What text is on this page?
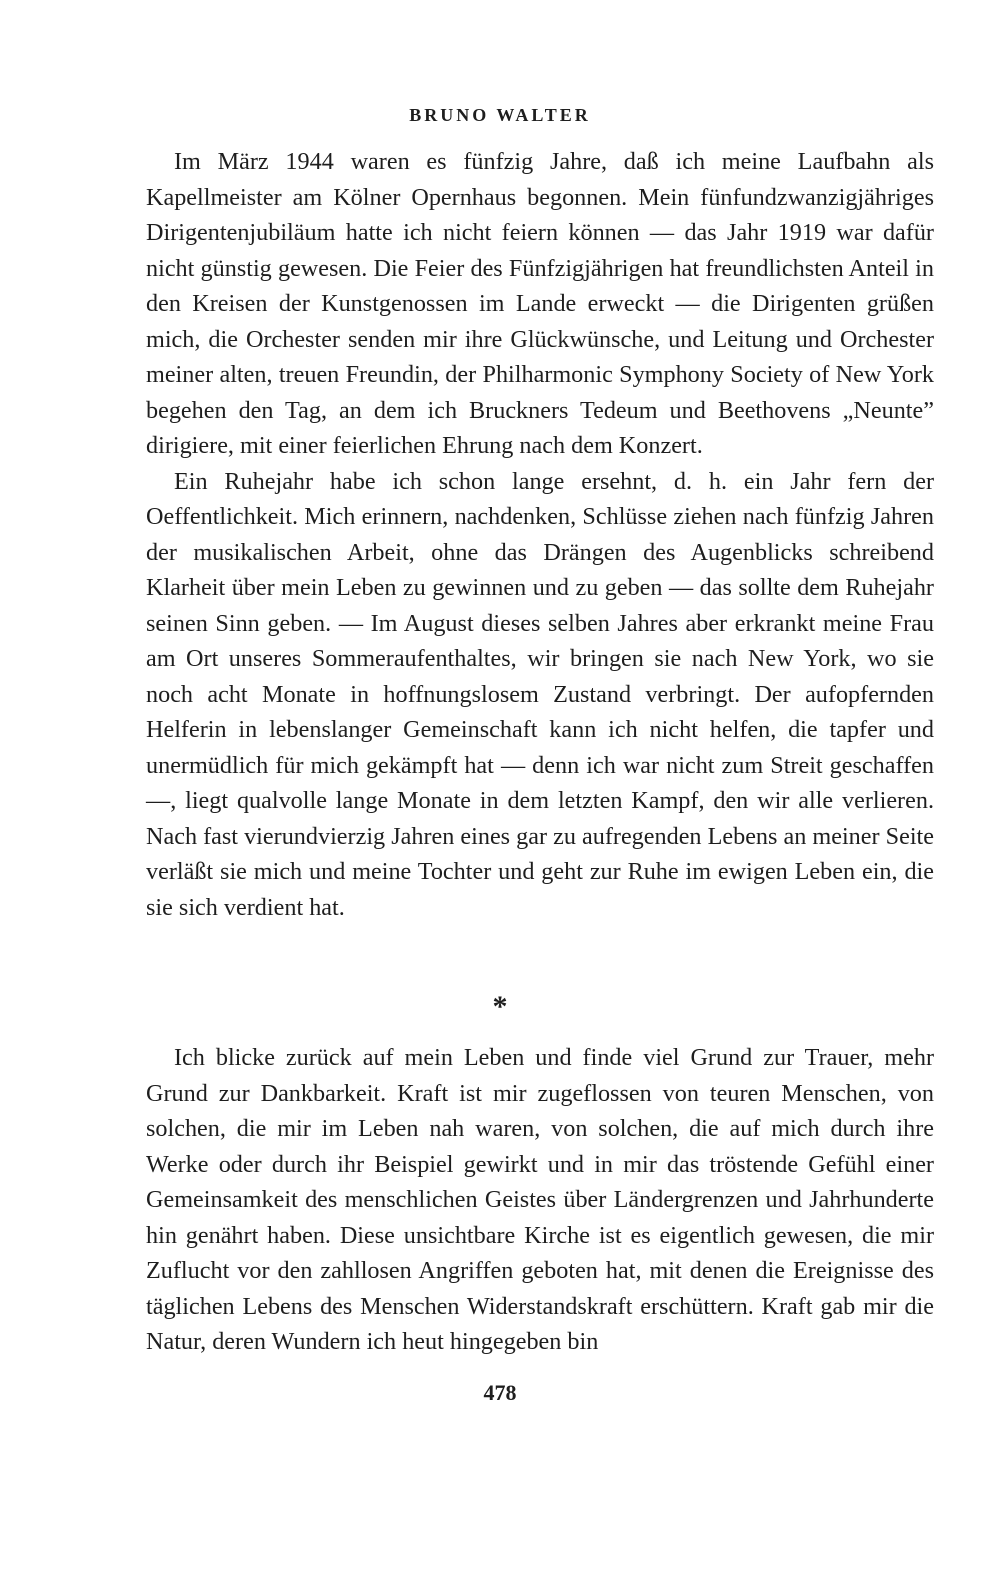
BRUNO WALTER

Im März 1944 waren es fünfzig Jahre, daß ich meine Laufbahn als Kapellmeister am Kölner Opernhaus begonnen. Mein fünfundzwanzigjähriges Dirigentenjubiläum hatte ich nicht feiern können — das Jahr 1919 war dafür nicht günstig gewesen. Die Feier des Fünfzigjährigen hat freundlichsten Anteil in den Kreisen der Kunstgenossen im Lande erweckt — die Dirigenten grüßen mich, die Orchester senden mir ihre Glückwünsche, und Leitung und Orchester meiner alten, treuen Freundin, der Philharmonic Symphony Society of New York begehen den Tag, an dem ich Bruckners Tedeum und Beethovens „Neunte” dirigiere, mit einer feierlichen Ehrung nach dem Konzert.

Ein Ruhejahr habe ich schon lange ersehnt, d. h. ein Jahr fern der Oeffentlichkeit. Mich erinnern, nachdenken, Schlüsse ziehen nach fünfzig Jahren der musikalischen Arbeit, ohne das Drängen des Augenblicks schreibend Klarheit über mein Leben zu gewinnen und zu geben — das sollte dem Ruhejahr seinen Sinn geben. — Im August dieses selben Jahres aber erkrankt meine Frau am Ort unseres Sommeraufenthaltes, wir bringen sie nach New York, wo sie noch acht Monate in hoffnungslosem Zustand verbringt. Der aufopfernden Helferin in lebenslanger Gemeinschaft kann ich nicht helfen, die tapfer und unermüdlich für mich gekämpft hat — denn ich war nicht zum Streit geschaffen —, liegt qualvolle lange Monate in dem letzten Kampf, den wir alle verlieren. Nach fast vierundvierzig Jahren eines gar zu aufregenden Lebens an meiner Seite verläßt sie mich und meine Tochter und geht zur Ruhe im ewigen Leben ein, die sie sich verdient hat.

*

Ich blicke zurück auf mein Leben und finde viel Grund zur Trauer, mehr Grund zur Dankbarkeit. Kraft ist mir zugeflossen von teuren Menschen, von solchen, die mir im Leben nah waren, von solchen, die auf mich durch ihre Werke oder durch ihr Beispiel gewirkt und in mir das tröstende Gefühl einer Gemeinsamkeit des menschlichen Geistes über Ländergrenzen und Jahrhunderte hin genährt haben. Diese unsichtbare Kirche ist es eigentlich gewesen, die mir Zuflucht vor den zahllosen Angriffen geboten hat, mit denen die Ereignisse des täglichen Lebens des Menschen Widerstandskraft erschüttern. Kraft gab mir die Natur, deren Wundern ich heut hingegeben bin

478
